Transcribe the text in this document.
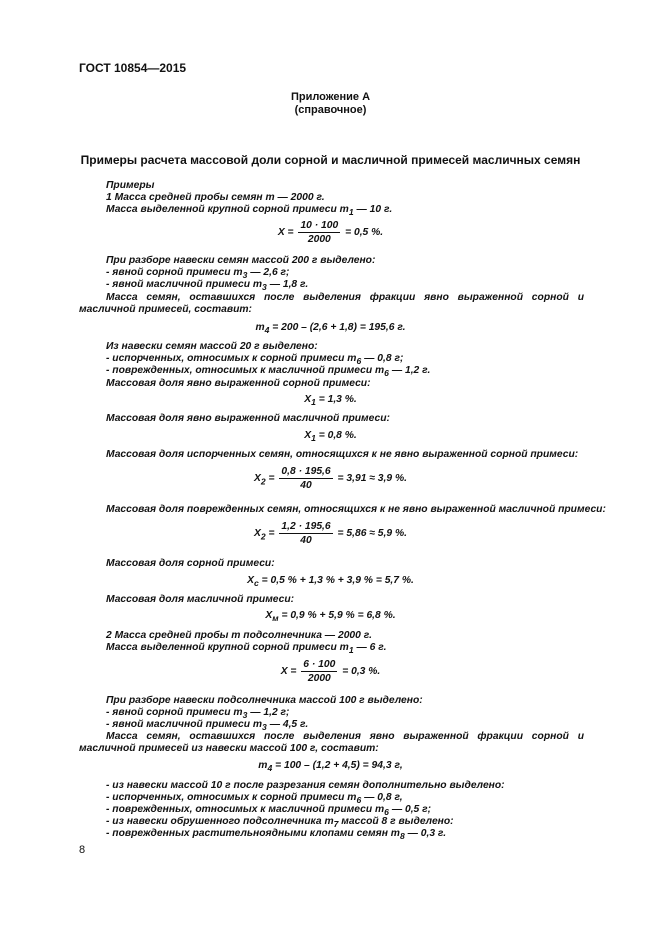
ГОСТ 10854—2015
Приложение А
(справочное)
Примеры расчета массовой доли сорной и масличной примесей масличных семян
Примеры
1 Масса средней пробы семян m — 2000 г.
Масса выделенной крупной сорной примеси $m_1$ — 10 г.
$X = \frac{10 \cdot 100}{2000} = 0,5$ %.
При разборе навески семян массой 200 г выделено:
- явной сорной примеси $m_3$ — 2,6 г;
- явной масличной примеси $m_3$ — 1,8 г.
Масса семян, оставшихся после выделения фракции явно выраженной сорной и масличной примесей, составит:
$m_4 = 200 - (2,6 + 1,8) = 195,6$ г.
Из навески семян массой 20 г выделено:
- испорченных, относимых к сорной примеси $m_6$ — 0,8 г;
- поврежденных, относимых к масличной примеси $m_6$ — 1,2 г.
Массовая доля явно выраженной сорной примеси:
$X_1 = 1,3$ %.
Массовая доля явно выраженной масличной примеси:
$X_1 = 0,8$ %.
Массовая доля испорченных семян, относящихся к не явно выраженной сорной примеси:
$X_2 = \frac{0,8 \cdot 195,6}{40} = 3,91 \approx 3,9$ %.
Массовая доля поврежденных семян, относящихся к не явно выраженной масличной примеси:
$X_2 = \frac{1,2 \cdot 195,6}{40} = 5,86 \approx 5,9$ %.
Массовая доля сорной примеси:
$X_c = 0,5$ % + 1,3 % + 3,9 % = 5,7 %.
Массовая доля масличной примеси:
$X_м = 0,9$ % + 5,9 % = 6,8 %.
2 Масса средней пробы m подсолнечника — 2000 г.
Масса выделенной крупной сорной примеси $m_1$ — 6 г.
$X = \frac{6 \cdot 100}{2000} = 0,3$ %.
При разборе навески подсолнечника массой 100 г выделено:
- явной сорной примеси $m_3$ — 1,2 г;
- явной масличной примеси $m_3$ — 4,5 г.
Масса семян, оставшихся после выделения явно выраженной фракции сорной и масличной примесей из навески массой 100 г, составит:
$m_4 = 100 - (1,2 + 4,5) = 94,3$ г,
- из навески массой 10 г после разрезания семян дополнительно выделено:
- испорченных, относимых к сорной примеси $m_6$ — 0,8 г,
- поврежденных, относимых к масличной примеси $m_6$ — 0,5 г;
- из навески обрушенного подсолнечника $m_7$ массой 8 г выделено:
- поврежденных растительноядными клопами семян $m_8$ — 0,3 г.
8
